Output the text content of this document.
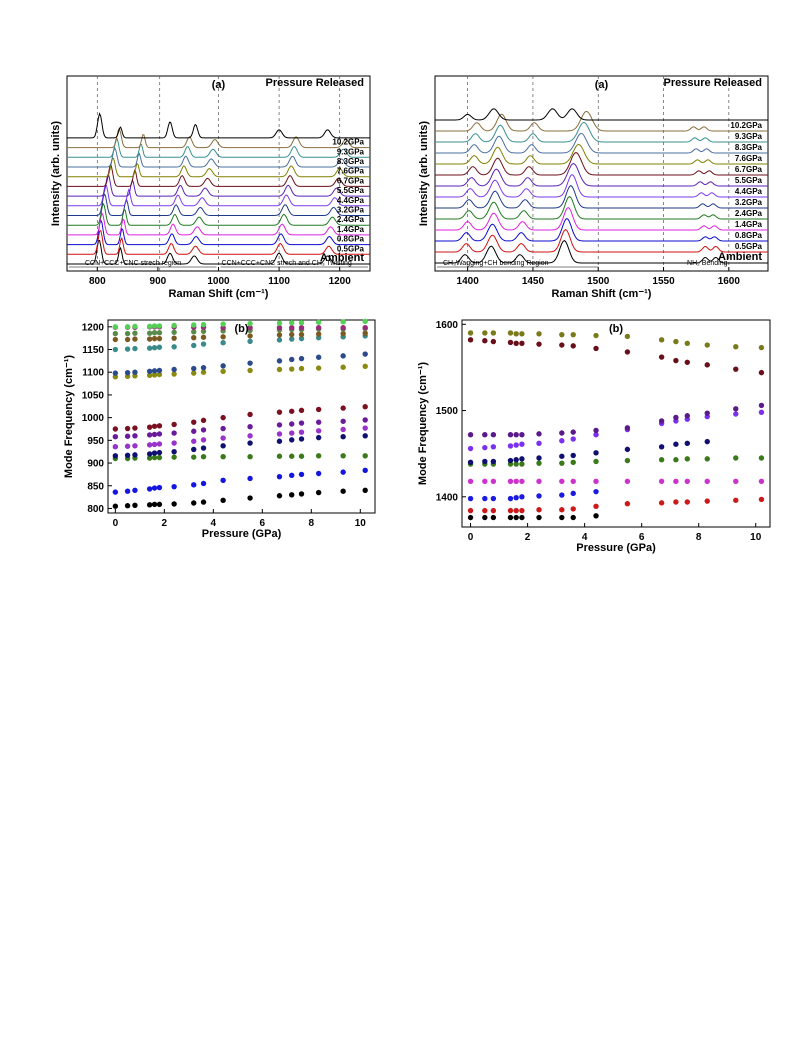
Ambient
0.5GPa
0.8GPa
1.4GPa
2.4GPa
3.2GPa
4.4GPa
5.5GPa
6.7GPa
7.6GPa
8.3GPa
9.3GPa
10.2GPa
Pressure Released
800	900	1000	1100	1200
Raman Shift (cm⁻¹)
Intensity (arb. units)
(a)
CCN+CCC+CNC strech region	CCN+CCC+CNC strech and CH₃ Twisting
Ambient
0.5GPa
0.8GPa
1.4GPa
2.4GPa
3.2GPa
4.4GPa
5.5GPa
6.7GPa
7.6GPa
8.3GPa
9.3GPa
10.2GPa
Pressure Released
1400	1450	1500	1550	1600
Raman Shift (cm⁻¹)
Intensity (arb. units)
(a)
CH₃Wagging+CH bending Region	NH₂ Bending
0	2	4	6	8	10
800
850
900
950
1000
1050
1100
1150
1200
Pressure (GPa)
Mode Frequency (cm⁻¹)
(b)
0	2	4	6	8	10
1400
1500
1600
Pressure (GPa)
Mode Frequency (cm⁻¹)
(b)
